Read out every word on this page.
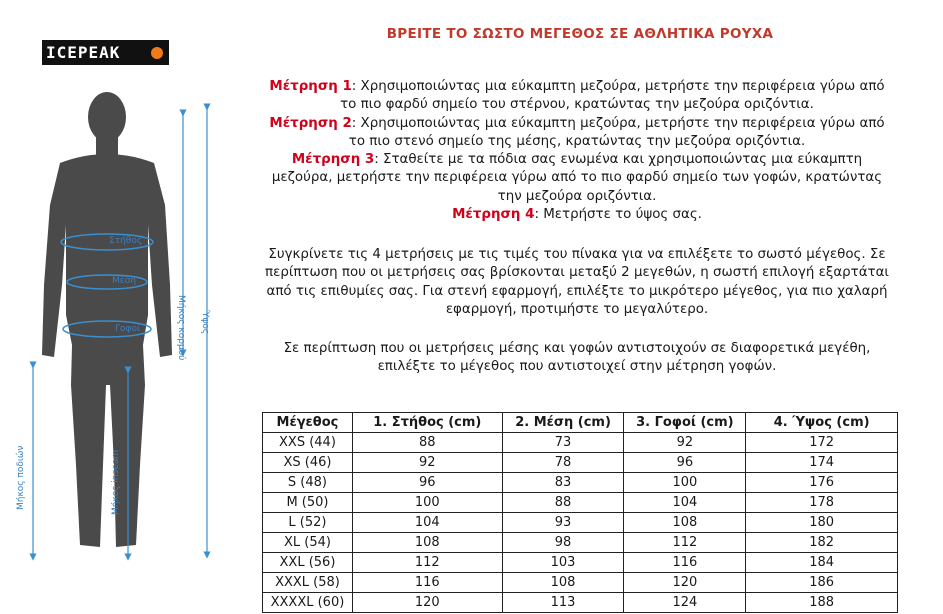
ΒΡΕΙΤΕ ΤΟ ΣΩΣΤΟ ΜΕΓΕΘΟΣ ΣΕ ΑΘΛΗΤΙΚΑ ΡΟΥΧΑ
ICEPEAK
Στήθος
Μέση
Γοφοί	Μήκος κορμού Ύψος
Μήκος ποδιών	Μήκος inseam
Μέτρηση 1: Χρησιμοποιώντας μια εύκαμπτη μεζούρα, μετρήστε την περιφέρεια γύρω από το πιο φαρδύ σημείο του στέρνου, κρατώντας την μεζούρα οριζόντια.
Μέτρηση 2: Χρησιμοποιώντας μια εύκαμπτη μεζούρα, μετρήστε την περιφέρεια γύρω από το πιο στενό σημείο της μέσης, κρατώντας την μεζούρα οριζόντια.
Μέτρηση 3: Σταθείτε με τα πόδια σας ενωμένα και χρησιμοποιώντας μια εύκαμπτη μεζούρα, μετρήστε την περιφέρεια γύρω από το πιο φαρδύ σημείο των γοφών, κρατώντας την μεζούρα οριζόντια.
Μέτρηση 4: Μετρήστε το ύψος σας.
Συγκρίνετε τις 4 μετρήσεις με τις τιμές του πίνακα για να επιλέξετε το σωστό μέγεθος. Σε περίπτωση που οι μετρήσεις σας βρίσκονται μεταξύ 2 μεγεθών, η σωστή επιλογή εξαρτάται από τις επιθυμίες σας. Για στενή εφαρμογή, επιλέξτε το μικρότερο μέγεθος, για πιο χαλαρή εφαρμογή, προτιμήστε το μεγαλύτερο.
Σε περίπτωση που οι μετρήσεις μέσης και γοφών αντιστοιχούν σε διαφορετικά μεγέθη, επιλέξτε το μέγεθος που αντιστοιχεί στην μέτρηση γοφών.
Μέγεθος	1. Στήθος (cm)	2. Μέση (cm)	3. Γοφοί (cm)	4. Ύψος (cm)
XXS (44)	88	73	92	172
XS (46)	92	78	96	174
S (48)	96	83	100	176
M (50)	100	88	104	178
L (52)	104	93	108	180
XL (54)	108	98	112	182
XXL (56)	112	103	116	184
XXXL (58)	116	108	120	186
XXXXL (60)	120	113	124	188
